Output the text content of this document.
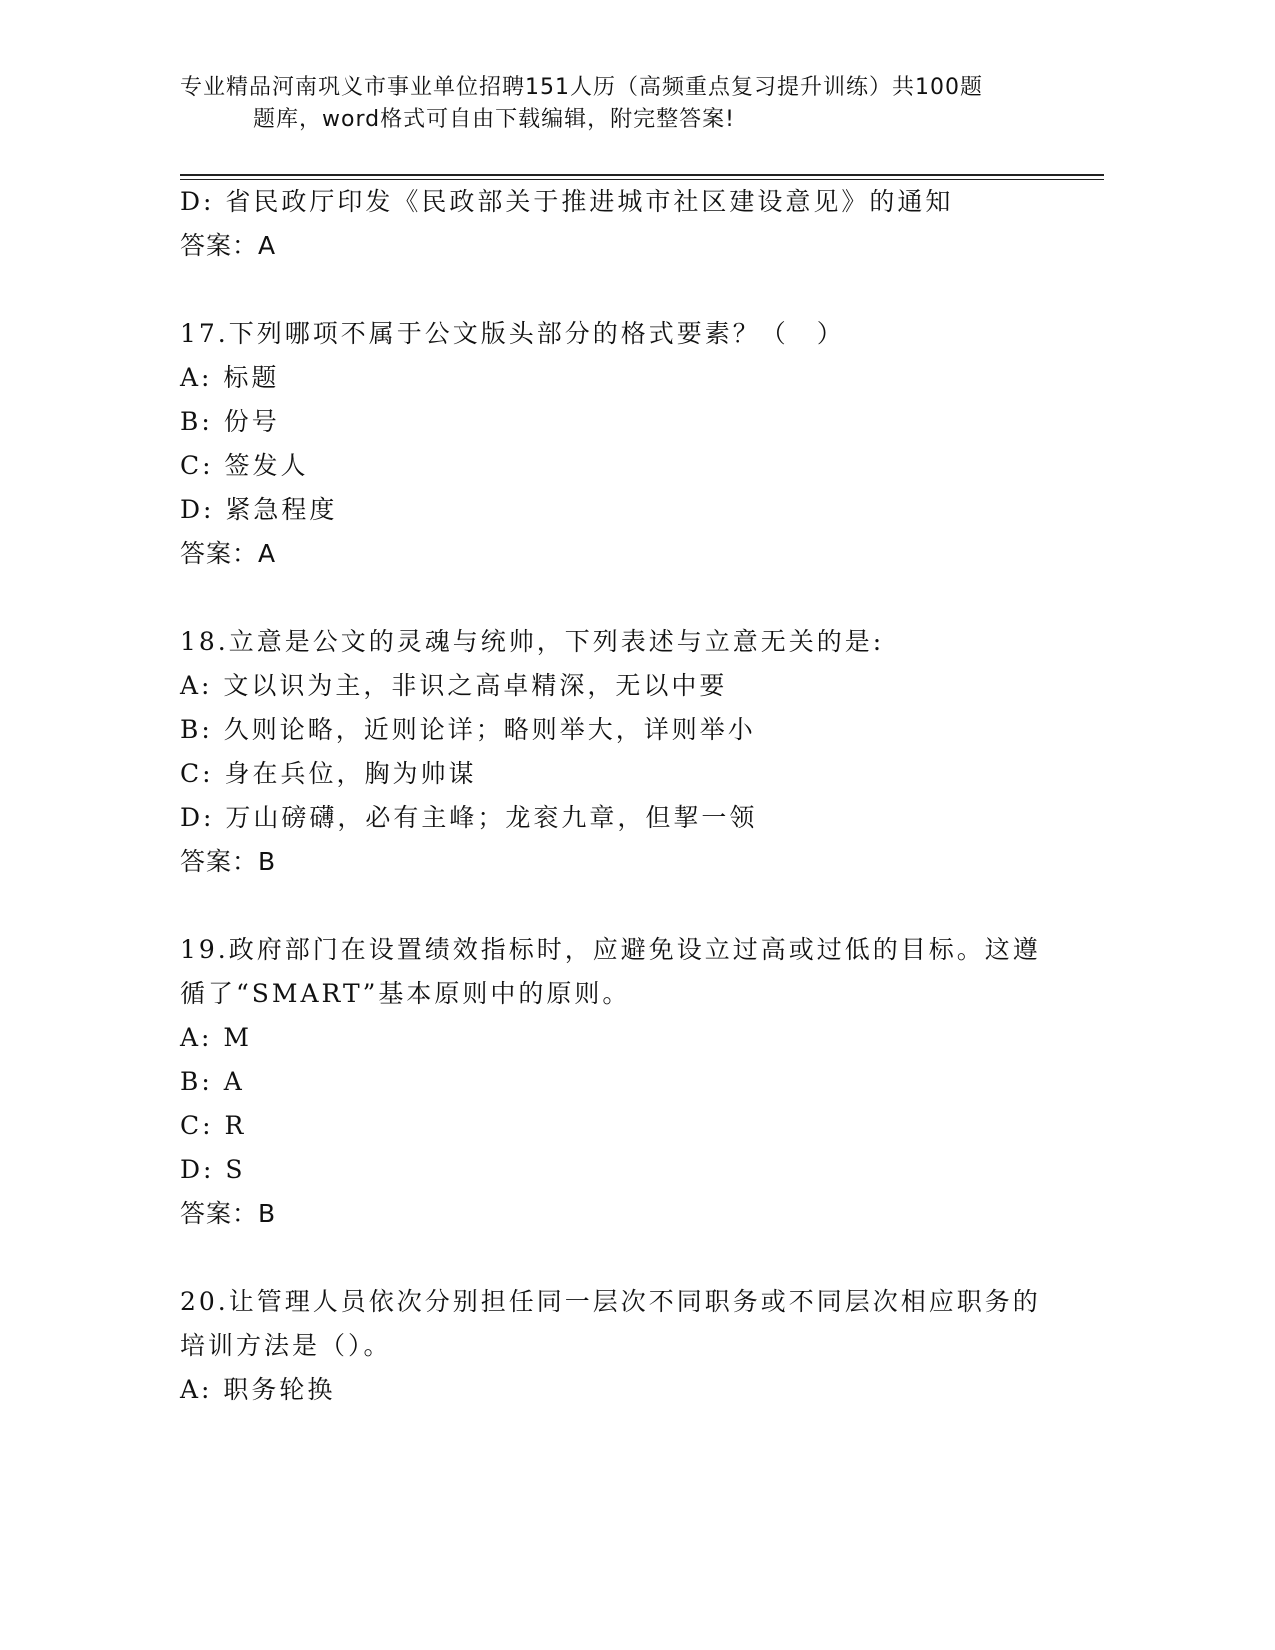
专业精品河南巩义市事业单位招聘151人历（高频重点复习提升训练）共100题
题库，word格式可自由下载编辑，附完整答案!
D: 省民政厅印发《民政部关于推进城市社区建设意见》的通知
答案：A
17.下列哪项不属于公文版头部分的格式要素？（　）
A: 标题
B: 份号
C: 签发人
D: 紧急程度
答案：A
18.立意是公文的灵魂与统帅，下列表述与立意无关的是:
A: 文以识为主，非识之高卓精深，无以中要
B: 久则论略，近则论详；略则举大，详则举小
C: 身在兵位，胸为帅谋
D: 万山磅礴，必有主峰；龙衮九章，但挈一领
答案：B
19.政府部门在设置绩效指标时，应避免设立过高或过低的目标。这遵
循了“SMART”基本原则中的原则。
A: M
B: A
C: R
D: S
答案：B
20.让管理人员依次分别担任同一层次不同职务或不同层次相应职务的
培训方法是（）。
A: 职务轮换
